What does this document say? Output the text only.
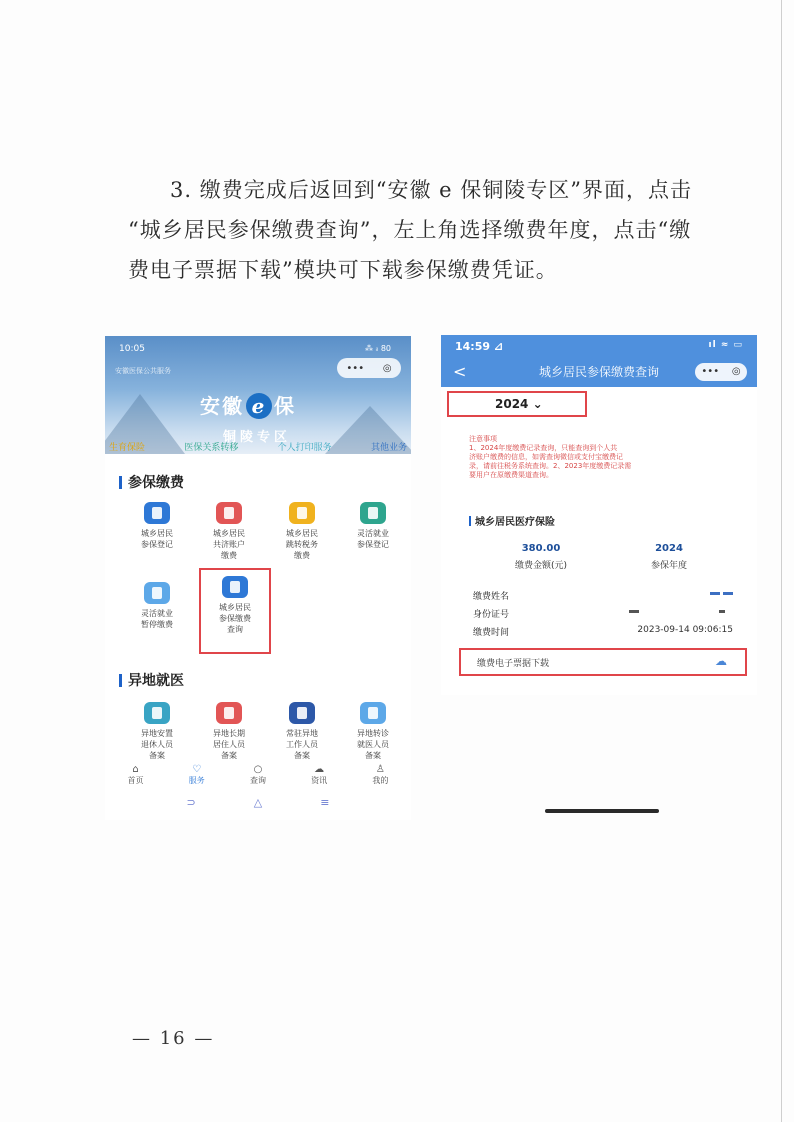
3. 缴费完成后返回到“安徽 e 保铜陵专区”界面，点击

“城乡居民参保缴费查询”，左上角选择缴费年度，点击“缴

费电子票据下载”模块可下载参保缴费凭证。

10:05	⁂ ᵢₗ 80
安徽医保公共服务	••• ◎
安徽 e 保
铜陵专区
生育保险	医保关系转移	个人打印服务	其他业务
参保缴费
城乡居民
参保登记
城乡居民
共济账户
缴费
城乡居民
跳转税务
缴费
灵活就业
参保登记
灵活就业
暂停缴费
城乡居民
参保缴费
查询
异地就医
异地安置
退休人员
备案
异地长期
居住人员
备案
常驻异地
工作人员
备案
异地转诊
就医人员
备案
⌂
首页
♡
服务
○
查询
☁
资讯
♙
我的
⊃	△	≡
14:59 ⊿	ıl ≈ ▭
<	城乡居民参保缴费查询	••• ◎
2024 ⌄
注意事项
1、2024年度缴费记录查询，只能查询到个人共
济账户缴费的信息，如需查询微信或支付宝缴费记
录，请前往税务系统查询。2、2023年度缴费记录需
要用户在原缴费渠道查询。
城乡居民医疗保险
380.00
缴费金额(元)
2024
参保年度
缴费姓名

身份证号
缴费时间	2023-09-14 09:06:15
缴费电子票据下载	☁
— 16 —
